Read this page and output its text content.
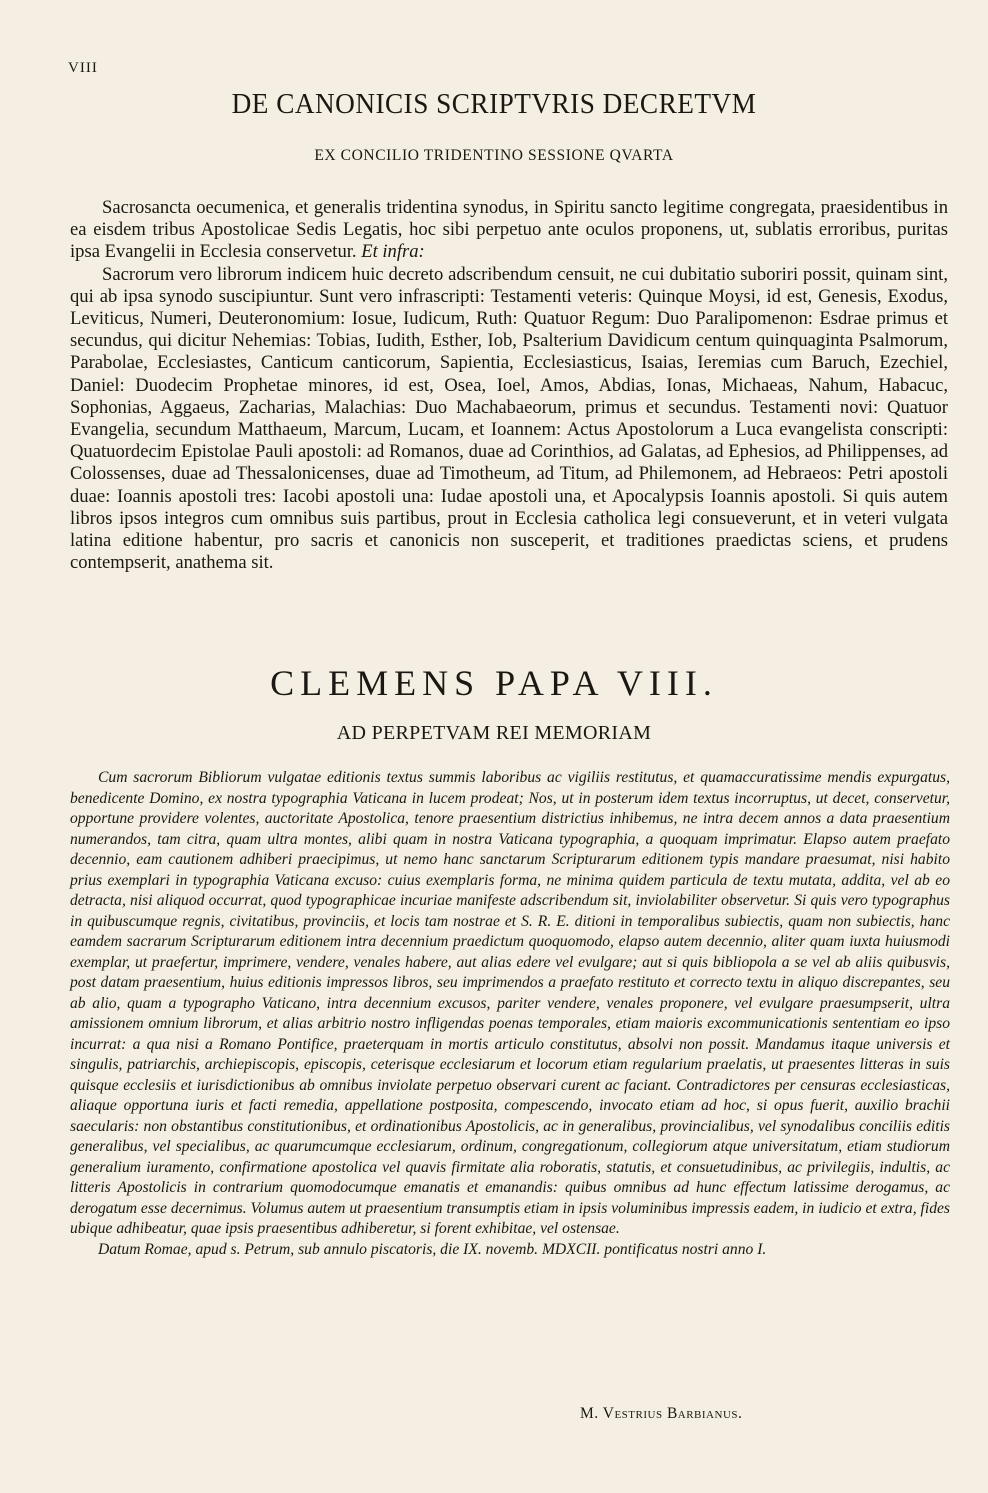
VIII
DE CANONICIS SCRIPTVRIS DECRETVM
EX CONCILIO TRIDENTINO SESSIONE QVARTA

Sacrosancta oecumenica, et generalis tridentina synodus, in Spiritu sancto legitime congregata, praesidentibus in ea eisdem tribus Apostolicae Sedis Legatis, hoc sibi perpetuo ante oculos proponens, ut, sublatis erroribus, puritas ipsa Evangelii in Ecclesia conservetur. Et infra:

Sacrorum vero librorum indicem huic decreto adscribendum censuit, ne cui dubitatio suboriri possit, quinam sint, qui ab ipsa synodo suscipiuntur. Sunt vero infrascripti: Testamenti veteris: Quinque Moysi, id est, Genesis, Exodus, Leviticus, Numeri, Deuteronomium: Iosue, Iudicum, Ruth: Quatuor Regum: Duo Paralipomenon: Esdrae primus et secundus, qui dicitur Nehemias: Tobias, Iudith, Esther, Iob, Psalterium Davidicum centum quinquaginta Psalmorum, Parabolae, Ecclesiastes, Canticum canticorum, Sapientia, Ecclesiasticus, Isaias, Ieremias cum Baruch, Ezechiel, Daniel: Duodecim Prophetae minores, id est, Osea, Ioel, Amos, Abdias, Ionas, Michaeas, Nahum, Habacuc, Sophonias, Aggaeus, Zacharias, Malachias: Duo Machabaeorum, primus et secundus. Testamenti novi: Quatuor Evangelia, secundum Matthaeum, Marcum, Lucam, et Ioannem: Actus Apostolorum a Luca evangelista conscripti: Quatuordecim Epistolae Pauli apostoli: ad Romanos, duae ad Corinthios, ad Galatas, ad Ephesios, ad Philippenses, ad Colossenses, duae ad Thessalonicenses, duae ad Timotheum, ad Titum, ad Philemonem, ad Hebraeos: Petri apostoli duae: Ioannis apostoli tres: Iacobi apostoli una: Iudae apostoli una, et Apocalypsis Ioannis apostoli. Si quis autem libros ipsos integros cum omnibus suis partibus, prout in Ecclesia catholica legi consueverunt, et in veteri vulgata latina editione habentur, pro sacris et canonicis non susceperit, et traditiones praedictas sciens, et prudens contempserit, anathema sit.

CLEMENS PAPA VIII.
AD PERPETVAM REI MEMORIAM

Cum sacrorum Bibliorum vulgatae editionis textus summis laboribus ac vigiliis restitutus, et quamaccuratissime mendis expurgatus, benedicente Domino, ex nostra typographia Vaticana in lucem prodeat; Nos, ut in posterum idem textus incorruptus, ut decet, conservetur, opportune providere volentes, auctoritate Apostolica, tenore praesentium districtius inhibemus, ne intra decem annos a data praesentium numerandos, tam citra, quam ultra montes, alibi quam in nostra Vaticana typographia, a quoquam imprimatur. Elapso autem praefato decennio, eam cautionem adhiberi praecipimus, ut nemo hanc sanctarum Scripturarum editionem typis mandare praesumat, nisi habito prius exemplari in typographia Vaticana excuso: cuius exemplaris forma, ne minima quidem particula de textu mutata, addita, vel ab eo detracta, nisi aliquod occurrat, quod typographicae incuriae manifeste adscribendum sit, inviolabiliter observetur. Si quis vero typographus in quibuscumque regnis, civitatibus, provinciis, et locis tam nostrae et S. R. E. ditioni in temporalibus subiectis, quam non subiectis, hanc eamdem sacrarum Scripturarum editionem intra decennium praedictum quoquomodo, elapso autem decennio, aliter quam iuxta huiusmodi exemplar, ut praefertur, imprimere, vendere, venales habere, aut alias edere vel evulgare; aut si quis bibliopola a se vel ab aliis quibusvis, post datam praesentium, huius editionis impressos libros, seu imprimendos a praefato restituto et correcto textu in aliquo discrepantes, seu ab alio, quam a typographo Vaticano, intra decennium excusos, pariter vendere, venales proponere, vel evulgare praesumpserit, ultra amissionem omnium librorum, et alias arbitrio nostro infligendas poenas temporales, etiam maioris excommunicationis sententiam eo ipso incurrat: a qua nisi a Romano Pontifice, praeterquam in mortis articulo constitutus, absolvi non possit. Mandamus itaque universis et singulis, patriarchis, archiepiscopis, episcopis, ceterisque ecclesiarum et locorum etiam regularium praelatis, ut praesentes litteras in suis quisque ecclesiis et iurisdictionibus ab omnibus inviolate perpetuo observari curent ac faciant. Contradictores per censuras ecclesiasticas, aliaque opportuna iuris et facti remedia, appellatione postposita, compescendo, invocato etiam ad hoc, si opus fuerit, auxilio brachii saecularis: non obstantibus constitutionibus, et ordinationibus Apostolicis, ac in generalibus, provincialibus, vel synodalibus conciliis editis generalibus, vel specialibus, ac quarumcumque ecclesiarum, ordinum, congregationum, collegiorum atque universitatum, etiam studiorum generalium iuramento, confirmatione apostolica vel quavis firmitate alia roboratis, statutis, et consuetudinibus, ac privilegiis, indultis, ac litteris Apostolicis in contrarium quomodocumque emanatis et emanandis: quibus omnibus ad hunc effectum latissime derogamus, ac derogatum esse decernimus. Volumus autem ut praesentium transumptis etiam in ipsis voluminibus impressis eadem, in iudicio et extra, fides ubique adhibeatur, quae ipsis praesentibus adhiberetur, si forent exhibitae, vel ostensae.

Datum Romae, apud s. Petrum, sub annulo piscatoris, die IX. novemb. MDXCII. pontificatus nostri anno I.

M. Vestrius Barbianus.
